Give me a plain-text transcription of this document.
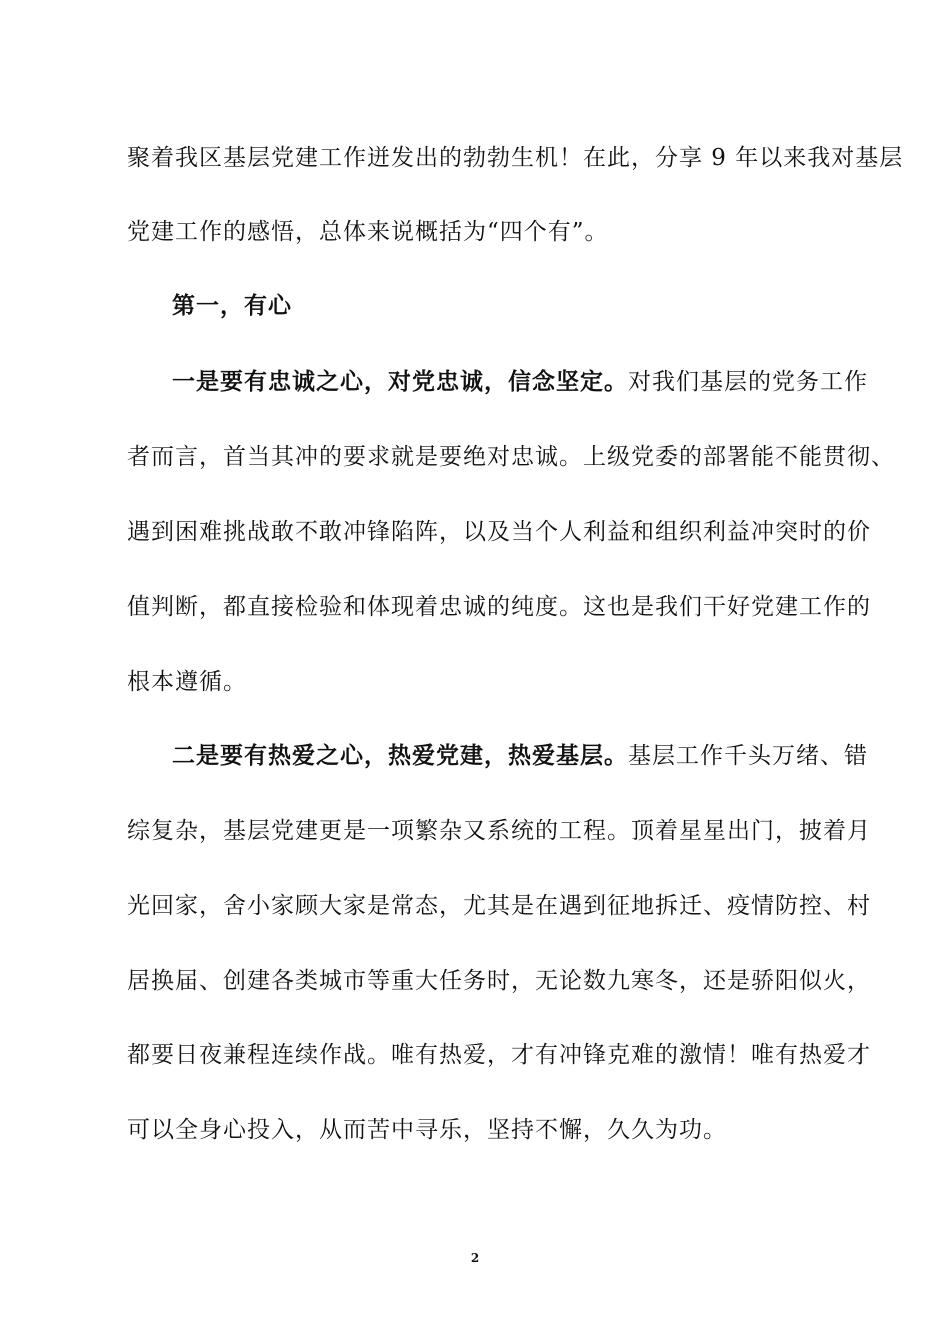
聚着我区基层党建工作迸发出的勃勃生机！在此，分享 9 年以来我对基层
党建工作的感悟，总体来说概括为“四个有”。
第一，有心
一是要有忠诚之心，对党忠诚，信念坚定。对我们基层的党务工作
者而言，首当其冲的要求就是要绝对忠诚。上级党委的部署能不能贯彻、
遇到困难挑战敢不敢冲锋陷阵，以及当个人利益和组织利益冲突时的价
值判断，都直接检验和体现着忠诚的纯度。这也是我们干好党建工作的
根本遵循。
二是要有热爱之心，热爱党建，热爱基层。基层工作千头万绪、错
综复杂，基层党建更是一项繁杂又系统的工程。顶着星星出门，披着月
光回家，舍小家顾大家是常态，尤其是在遇到征地拆迁、疫情防控、村
居换届、创建各类城市等重大任务时，无论数九寒冬，还是骄阳似火，
都要日夜兼程连续作战。唯有热爱，才有冲锋克难的激情！唯有热爱才
可以全身心投入，从而苦中寻乐，坚持不懈，久久为功。
2
